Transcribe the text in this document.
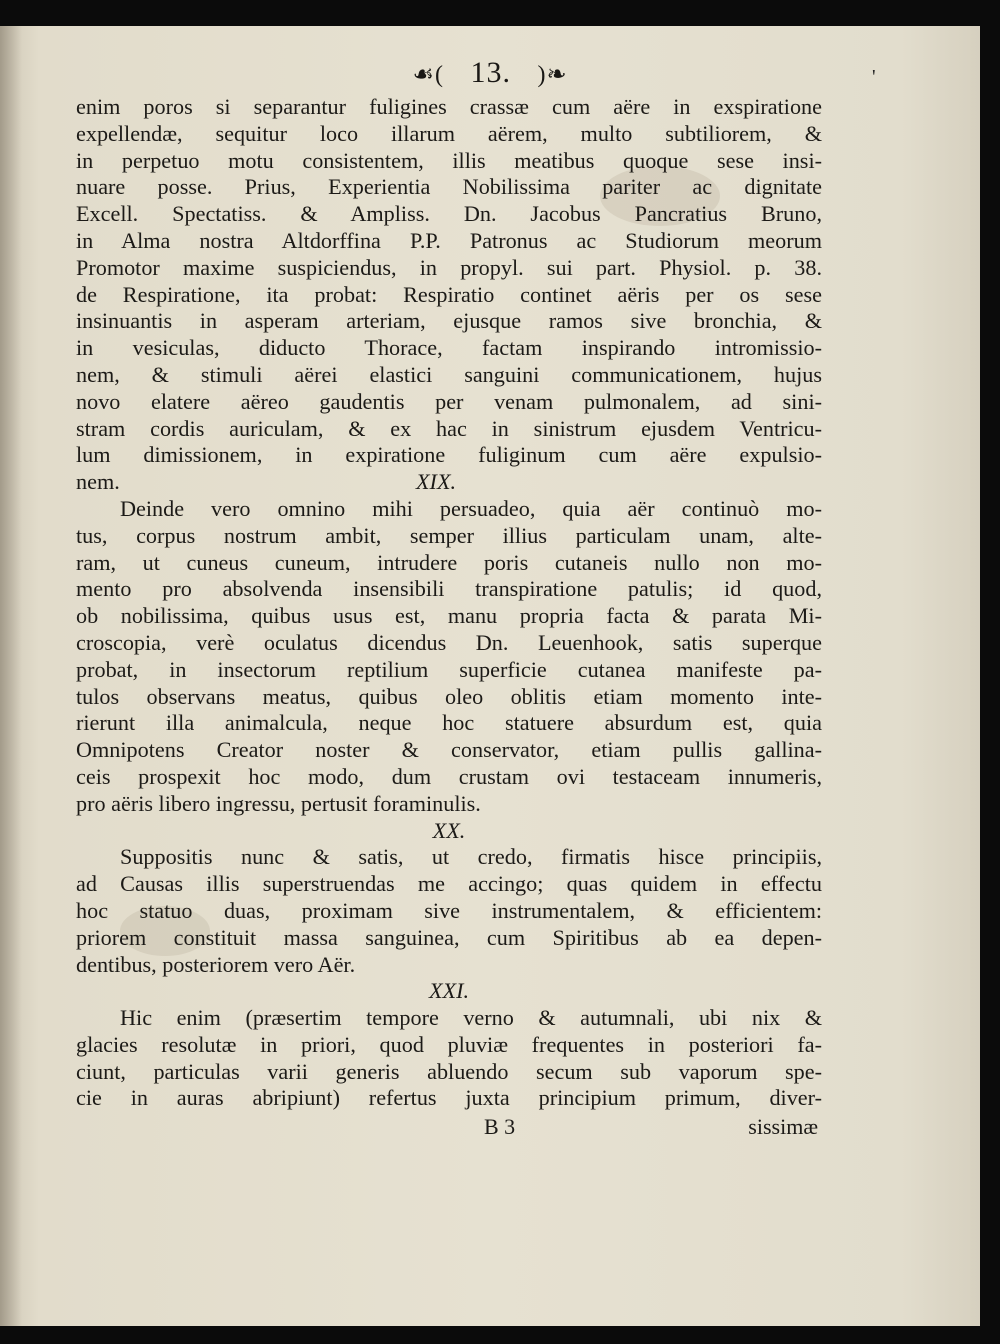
☙( 13. )❧	'
enim poros si separantur fuligines crassæ cum aëre in exspiratione
expellendæ, sequitur loco illarum aërem, multo subtiliorem, &
in perpetuo motu consistentem, illis meatibus quoque sese insi-
nuare posse. Prius, Experientia Nobilissima pariter ac dignitate
Excell. Spectatiss. & Ampliss. Dn. Jacobus Pancratius Bruno,
in Alma nostra Altdorffina P.P. Patronus ac Studiorum meorum
Promotor maxime suspiciendus, in propyl. sui part. Physiol. p. 38.
de Respiratione, ita probat: Respiratio continet aëris per os sese
insinuantis in asperam arteriam, ejusque ramos sive bronchia, &
in vesiculas, diducto Thorace, factam inspirando intromissio-
nem, & stimuli aërei elastici sanguini communicationem, hujus
novo elatere aëreo gaudentis per venam pulmonalem, ad sini-
stram cordis auriculam, & ex hac in sinistrum ejusdem Ventricu-
lum dimissionem, in expiratione fuliginum cum aëre expulsio-
nem.	XIX.
Deinde vero omnino mihi persuadeo, quia aër continuò mo-
tus, corpus nostrum ambit, semper illius particulam unam, alte-
ram, ut cuneus cuneum, intrudere poris cutaneis nullo non mo-
mento pro absolvenda insensibili transpiratione patulis; id quod,
ob nobilissima, quibus usus est, manu propria facta & parata Mi-
croscopia, verè oculatus dicendus Dn. Leuenhook, satis superque
probat, in insectorum reptilium superficie cutanea manifeste pa-
tulos observans meatus, quibus oleo oblitis etiam momento inte-
rierunt illa animalcula, neque hoc statuere absurdum est, quia
Omnipotens Creator noster & conservator, etiam pullis gallina-
ceis prospexit hoc modo, dum crustam ovi testaceam innumeris,
pro aëris libero ingressu, pertusit foraminulis.
XX.
Suppositis nunc & satis, ut credo, firmatis hisce principiis,
ad Causas illis superstruendas me accingo; quas quidem in effectu
hoc statuo duas, proximam sive instrumentalem, & efficientem:
priorem constituit massa sanguinea, cum Spiritibus ab ea depen-
dentibus, posteriorem vero Aër.
XXI.
Hic enim (præsertim tempore verno & autumnali, ubi nix &
glacies resolutæ in priori, quod pluviæ frequentes in posteriori fa-
ciunt, particulas varii generis abluendo secum sub vaporum spe-
cie in auras abripiunt) refertus juxta principium primum, diver-
B 3	sissimæ
